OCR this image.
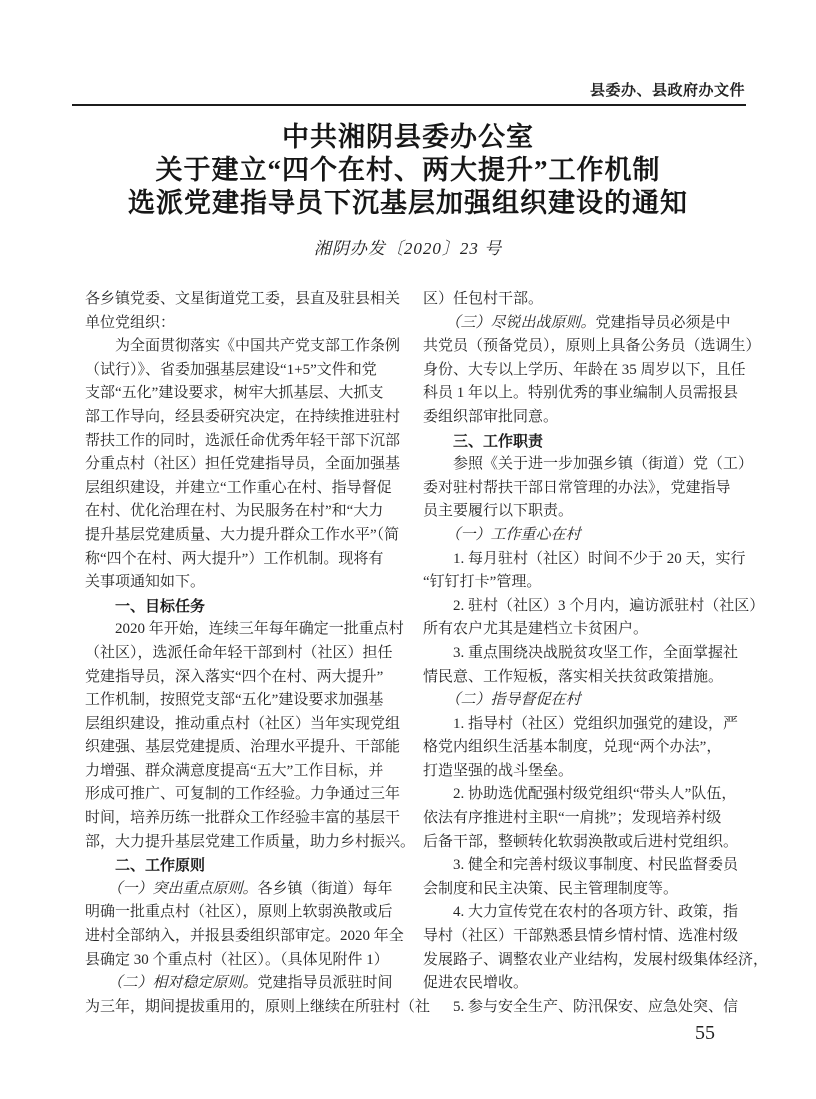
县委办、县政府办文件
中共湘阴县委办公室
关于建立“四个在村、两大提升”工作机制
选派党建指导员下沉基层加强组织建设的通知
湘阴办发〔2020〕23 号
各乡镇党委、文星街道党工委，县直及驻县相关
单位党组织：
　　为全面贯彻落实《中国共产党支部工作条例
（试行）》、省委加强基层建设“1+5”文件和党
支部“五化”建设要求，树牢大抓基层、大抓支
部工作导向，经县委研究决定，在持续推进驻村
帮扶工作的同时，选派任命优秀年轻干部下沉部
分重点村（社区）担任党建指导员，全面加强基
层组织建设，并建立“工作重心在村、指导督促
在村、优化治理在村、为民服务在村”和“大力
提升基层党建质量、大力提升群众工作水平”（简
称“四个在村、两大提升”）工作机制。现将有
关事项通知如下。
　　一、目标任务
　　2020 年开始，连续三年每年确定一批重点村
（社区），选派任命年轻干部到村（社区）担任
党建指导员，深入落实“四个在村、两大提升”
工作机制，按照党支部“五化”建设要求加强基
层组织建设，推动重点村（社区）当年实现党组
织建强、基层党建提质、治理水平提升、干部能
力增强、群众满意度提高“五大”工作目标，并
形成可推广、可复制的工作经验。力争通过三年
时间，培养历练一批群众工作经验丰富的基层干
部，大力提升基层党建工作质量，助力乡村振兴。
　　二、工作原则
　　（一）突出重点原则。各乡镇（街道）每年
明确一批重点村（社区），原则上软弱涣散或后
进村全部纳入，并报县委组织部审定。2020 年全
县确定 30 个重点村（社区）。（具体见附件 1）
　　（二）相对稳定原则。党建指导员派驻时间
为三年，期间提拔重用的，原则上继续在所驻村（社
区）任包村干部。
　　（三）尽锐出战原则。党建指导员必须是中
共党员（预备党员），原则上具备公务员（选调生）
身份、大专以上学历、年龄在 35 周岁以下，且任
科员 1 年以上。特别优秀的事业编制人员需报县
委组织部审批同意。
　　三、工作职责
　　参照《关于进一步加强乡镇（街道）党（工）
委对驻村帮扶干部日常管理的办法》，党建指导
员主要履行以下职责。
　　（一）工作重心在村
　　1. 每月驻村（社区）时间不少于 20 天，实行
“钉钉打卡”管理。
　　2. 驻村（社区）3 个月内，遍访派驻村（社区）
所有农户尤其是建档立卡贫困户。
　　3. 重点围绕决战脱贫攻坚工作，全面掌握社
情民意、工作短板，落实相关扶贫政策措施。
　　（二）指导督促在村
　　1. 指导村（社区）党组织加强党的建设，严
格党内组织生活基本制度，兑现“两个办法”，
打造坚强的战斗堡垒。
　　2. 协助选优配强村级党组织“带头人”队伍，
依法有序推进村主职“一肩挑”；发现培养村级
后备干部，整顿转化软弱涣散或后进村党组织。
　　3. 健全和完善村级议事制度、村民监督委员
会制度和民主决策、民主管理制度等。
　　4. 大力宣传党在农村的各项方针、政策，指
导村（社区）干部熟悉县情乡情村情、选准村级
发展路子、调整农业产业结构，发展村级集体经济，
促进农民增收。
　　5. 参与安全生产、防汛保安、应急处突、信
55
